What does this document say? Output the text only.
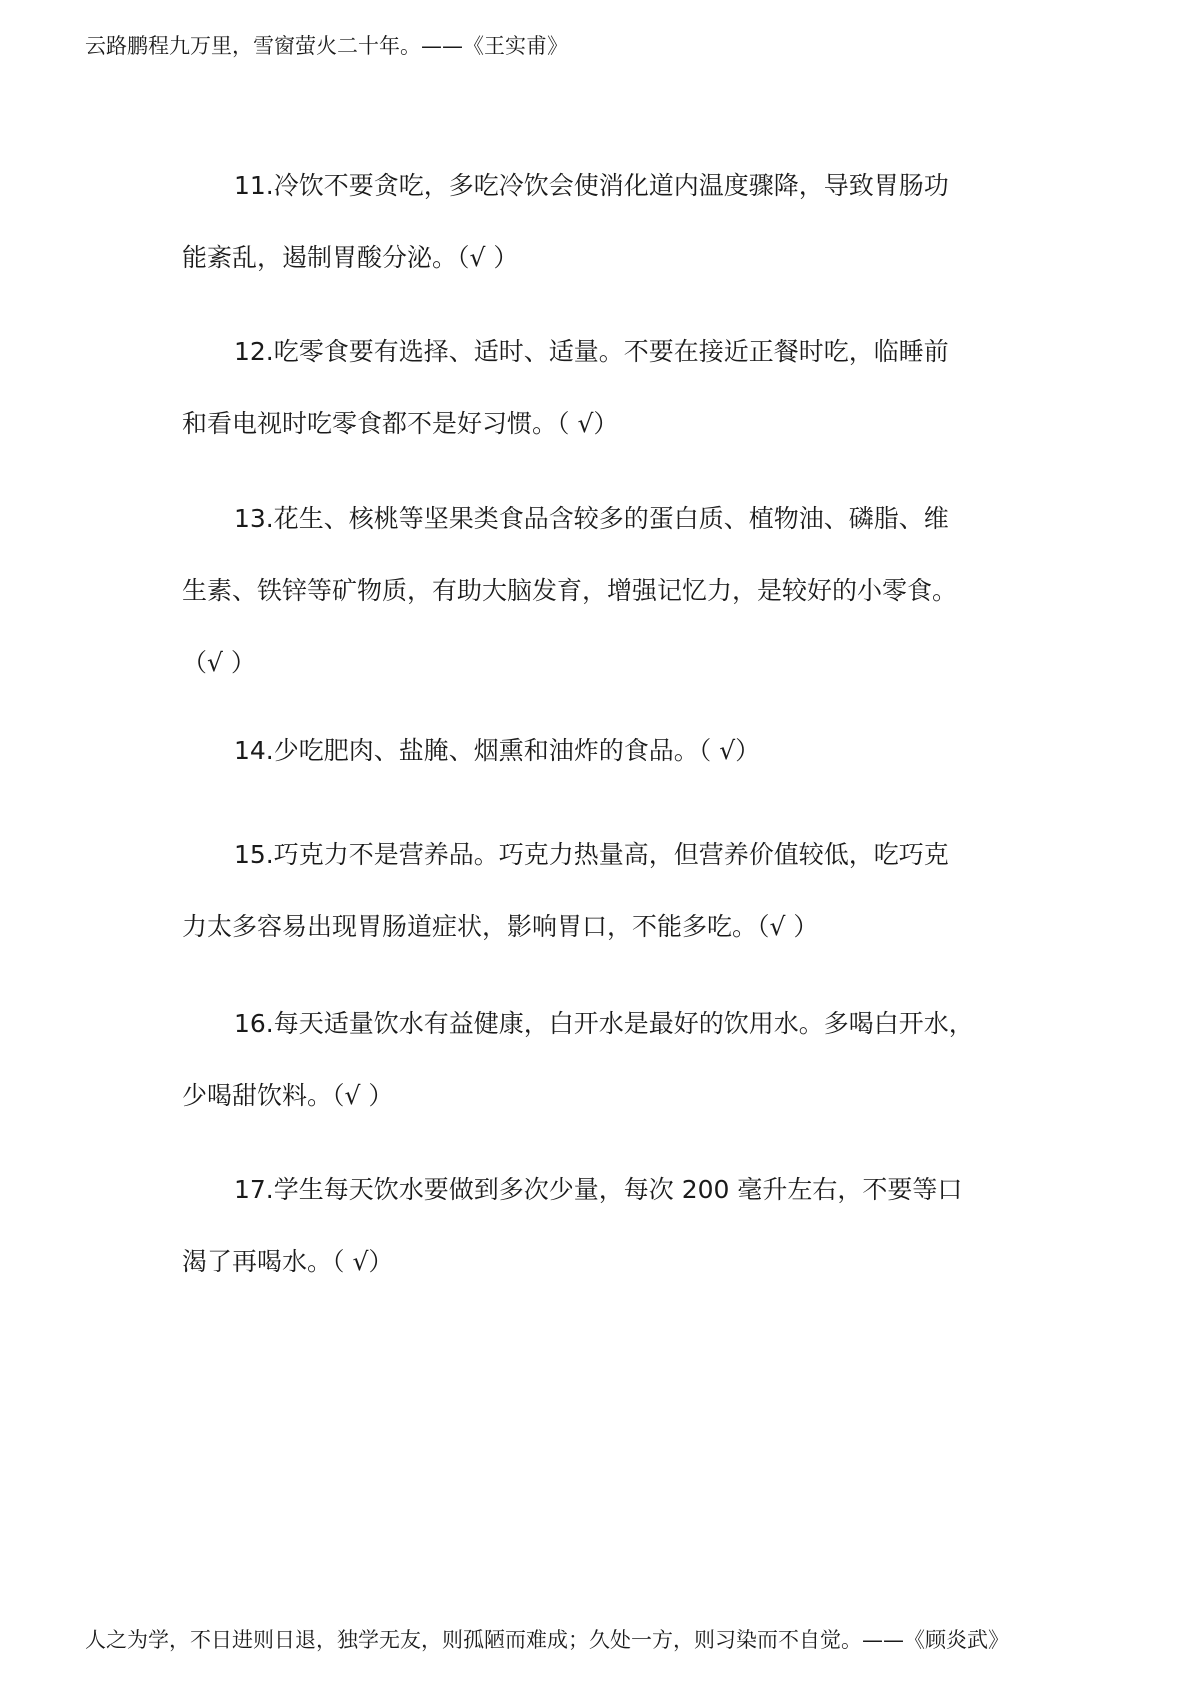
云路鹏程九万里，雪窗萤火二十年。——《王实甫》
11.冷饮不要贪吃，多吃冷饮会使消化道内温度骤降，导致胃肠功
能紊乱，遏制胃酸分泌。（√ ）
12.吃零食要有选择、适时、适量。不要在接近正餐时吃，临睡前
和看电视时吃零食都不是好习惯。（ √）
13.花生、核桃等坚果类食品含较多的蛋白质、植物油、磷脂、维
生素、铁锌等矿物质，有助大脑发育，增强记忆力，是较好的小零食。
（√ ）
14.少吃肥肉、盐腌、烟熏和油炸的食品。（ √）
15.巧克力不是营养品。巧克力热量高，但营养价值较低，吃巧克
力太多容易出现胃肠道症状，影响胃口，不能多吃。（√ ）
16.每天适量饮水有益健康，白开水是最好的饮用水。多喝白开水，
少喝甜饮料。（√ ）
17.学生每天饮水要做到多次少量，每次 200 毫升左右，不要等口
渴了再喝水。（ √）
人之为学，不日进则日退，独学无友，则孤陋而难成；久处一方，则习染而不自觉。——《顾炎武》
